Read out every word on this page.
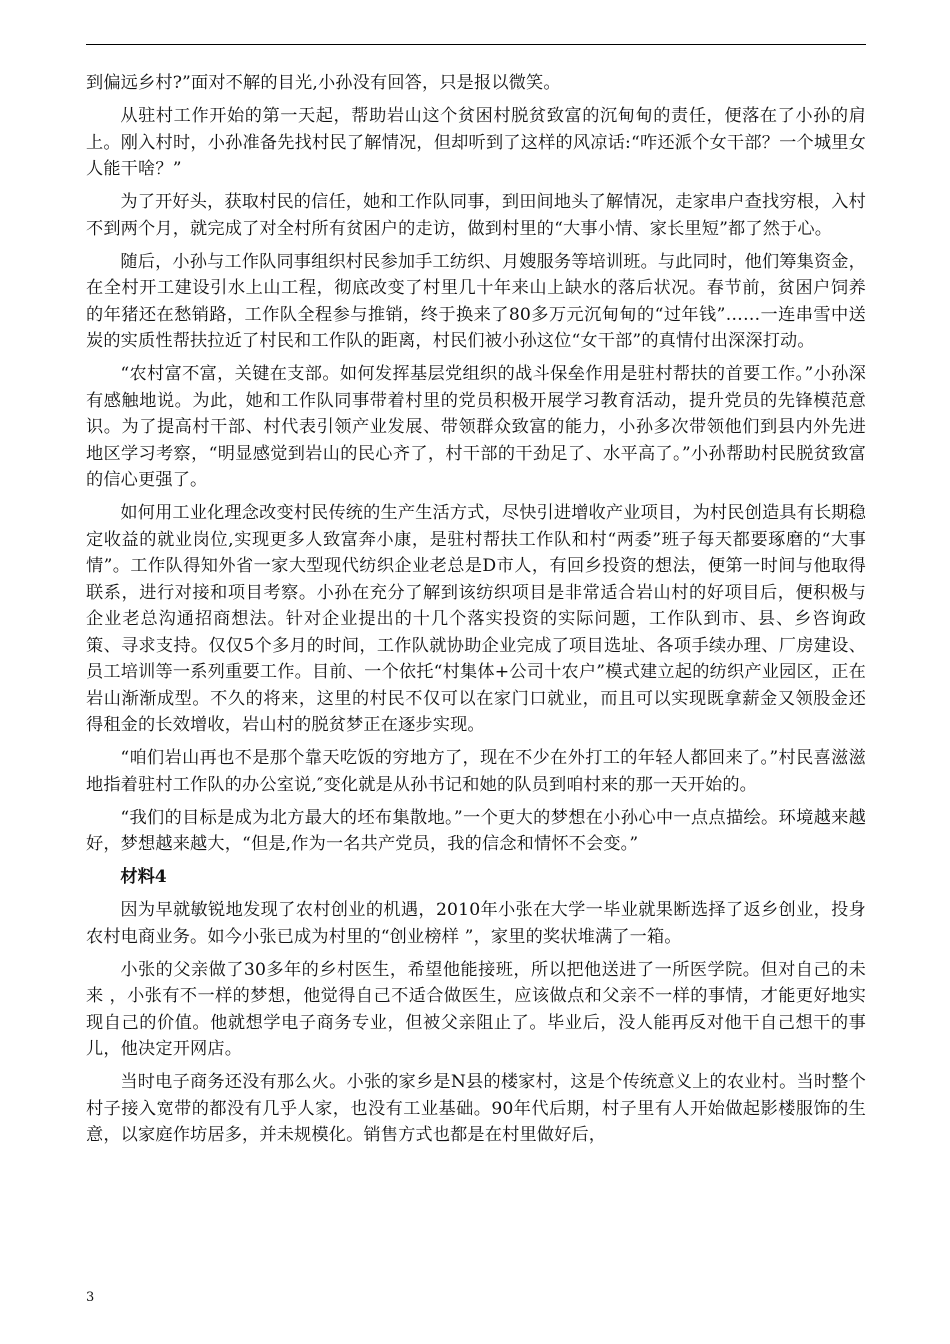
到偏远乡村?”面对不解的目光,小孙没有回答，只是报以微笑。

从驻村工作开始的第一天起，帮助岩山这个贫困村脱贫致富的沉甸甸的责任，便落在了小孙的肩上。刚入村时，小孙准备先找村民了解情况，但却听到了这样的风凉话:“咋还派个女干部？一个城里女人能干啥？”

为了开好头，获取村民的信任，她和工作队同事，到田间地头了解情况，走家串户查找穷根，入村不到两个月，就完成了对全村所有贫困户的走访，做到村里的“大事小情、家长里短”都了然于心。

随后，小孙与工作队同事组织村民参加手工纺织、月嫂服务等培训班。与此同时，他们筹集资金，在全村开工建设引水上山工程，彻底改变了村里几十年来山上缺水的落后状况。春节前，贫困户饲养的年猪还在愁销路，工作队全程参与推销，终于换来了80多万元沉甸甸的“过年钱”……一连串雪中送炭的实质性帮扶拉近了村民和工作队的距离，村民们被小孙这位“女干部”的真情付出深深打动。

“农村富不富，关键在支部。如何发挥基层党组织的战斗保垒作用是驻村帮扶的首要工作。”小孙深有感触地说。为此，她和工作队同事带着村里的党员积极开展学习教育活动，提升党员的先锋模范意识。为了提高村干部、村代表引领产业发展、带领群众致富的能力，小孙多次带领他们到县内外先进地区学习考察，“明显感觉到岩山的民心齐了，村干部的干劲足了、水平高了。”小孙帮助村民脱贫致富的信心更强了。

如何用工业化理念改变村民传统的生产生活方式，尽快引进增收产业项目，为村民创造具有长期稳定收益的就业岗位,实现更多人致富奔小康，是驻村帮扶工作队和村“两委”班子每天都要琢磨的“大事情”。工作队得知外省一家大型现代纺织企业老总是D市人，有回乡投资的想法，便第一时间与他取得联系，进行对接和项目考察。小孙在充分了解到该纺织项目是非常适合岩山村的好项目后，便积极与企业老总沟通招商想法。针对企业提出的十几个落实投资的实际问题，工作队到市、县、乡咨询政策、寻求支持。仅仅5个多月的时间，工作队就协助企业完成了项目选址、各项手续办理、厂房建设、员工培训等一系列重要工作。目前、一个依托“村集体+公司十农户”模式建立起的纺织产业园区，正在岩山渐渐成型。不久的将来，这里的村民不仅可以在家门口就业，而且可以实现既拿薪金又领股金还得租金的长效增收，岩山村的脱贫梦正在逐步实现。

“咱们岩山再也不是那个靠天吃饭的穷地方了，现在不少在外打工的年轻人都回来了。”村民喜滋滋地指着驻村工作队的办公室说,″变化就是从孙书记和她的队员到咱村来的那一天开始的。

“我们的目标是成为北方最大的坯布集散地。”一个更大的梦想在小孙心中一点点描绘。环境越来越好，梦想越来越大，“但是,作为一名共产党员，我的信念和情怀不会变。”

材料4

因为早就敏锐地发现了农村创业的机遇，2010年小张在大学一毕业就果断选择了返乡创业，投身农村电商业务。如今小张已成为村里的“创业榜样 ”，家里的奖状堆满了一箱。

小张的父亲做了30多年的乡村医生，希望他能接班，所以把他送进了一所医学院。但对自己的未来 ，小张有不一样的梦想，他觉得自己不适合做医生，应该做点和父亲不一样的事情，才能更好地实现自己的价值。他就想学电子商务专业，但被父亲阻止了。毕业后，没人能再反对他干自己想干的事儿，他决定开网店。

当时电子商务还没有那么火。小张的家乡是N县的楼家村，这是个传统意义上的农业村。当时整个村子接入宽带的都没有几乎人家，也没有工业基础。90年代后期，村子里有人开始做起影楼服饰的生意，以家庭作坊居多，并未规模化。销售方式也都是在村里做好后，

3
